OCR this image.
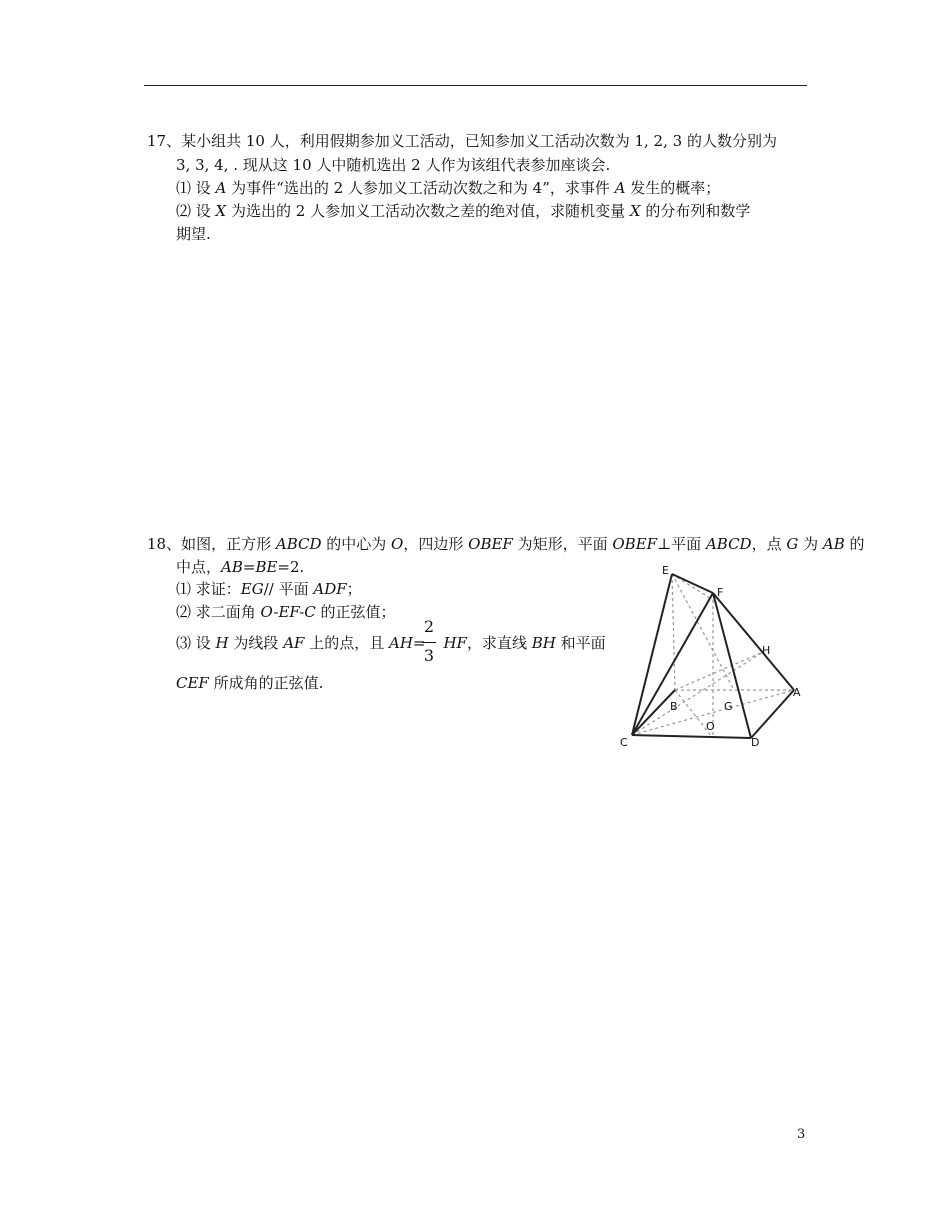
17、某小组共 10 人，利用假期参加义工活动，已知参加义工活动次数为 1, 2, 3 的人数分别为
3, 3, 4, . 现从这 10 人中随机选出 2 人作为该组代表参加座谈会.
⑴ 设 A 为事件“选出的 2 人参加义工活动次数之和为 4”，求事件 A 发生的概率；
⑵ 设 X 为选出的 2 人参加义工活动次数之差的绝对值，求随机变量 X 的分布列和数学
期望.
18、如图，正方形 ABCD 的中心为 O，四边形 OBEF 为矩形，平面 OBEF⊥平面 ABCD，点 G 为 AB 的
中点，AB=BE=2.
⑴ 求证：EG// 平面 ADF；
⑵ 求二面角 O-EF-C 的正弦值；
⑶ 设 H 为线段 AF 上的点，且 AH= HF，求直线 BH 和平面
2
3
CEF 所成角的正弦值.
E
F
H
A
B	G
O
C	D
3
